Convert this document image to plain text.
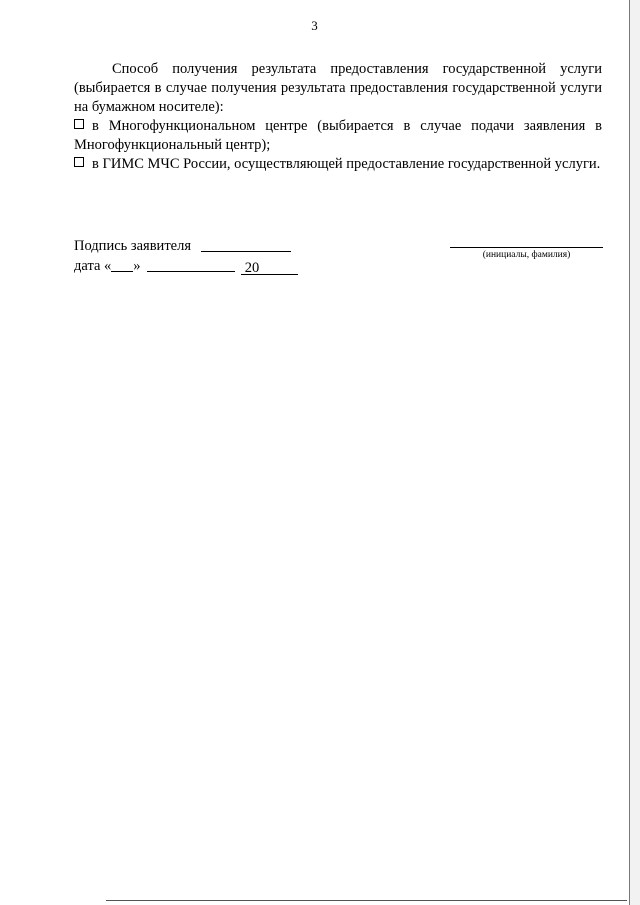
3

Способ получения результата предоставления государственной услуги (выбирается в случае получения результата предоставления государственной услуги на бумажном носителе):

в Многофункциональном центре (выбирается в случае подачи заявления в Многофункциональный центр);

в ГИМС МЧС России, осуществляющей предоставление государственной услуги.

Подпись заявителя
дата « »	20
(инициалы, фамилия)
